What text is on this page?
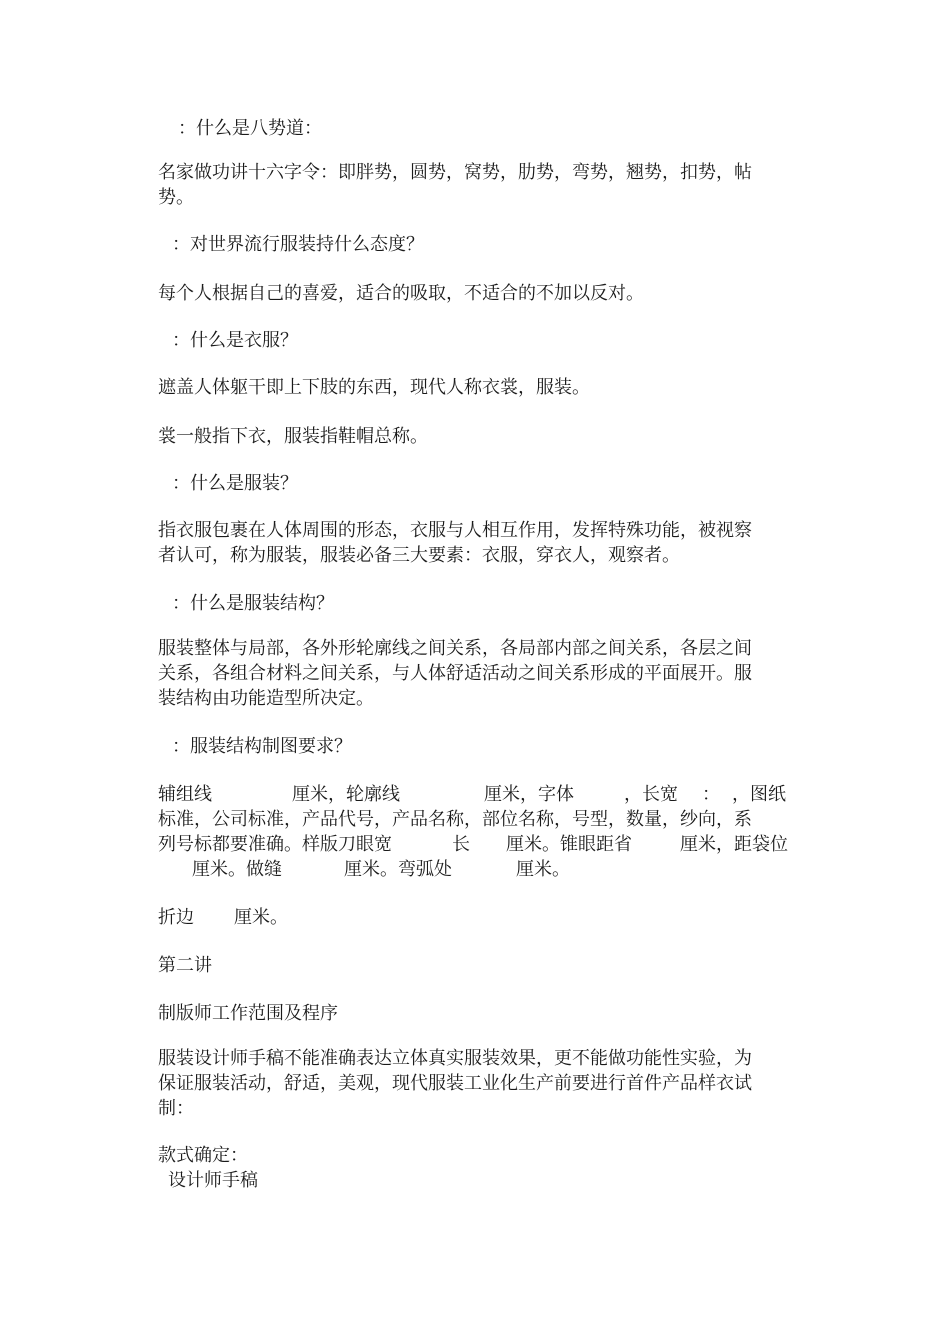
：什么是八势道：
名家做功讲十六字令：即胖势，圆势，窝势，肋势，弯势，翘势，扣势，帖
势。
：对世界流行服装持什么态度？
每个人根据自己的喜爱，适合的吸取，不适合的不加以反对。
：什么是衣服？
遮盖人体躯干即上下肢的东西，现代人称衣裳，服装。
裳一般指下衣，服装指鞋帽总称。
：什么是服装？
指衣服包裹在人体周围的形态，衣服与人相互作用，发挥特殊功能，被视察
者认可，称为服装，服装必备三大要素：衣服，穿衣人，观察者。
：什么是服装结构？
服装整体与局部，各外形轮廓线之间关系，各局部内部之间关系，各层之间
关系，各组合材料之间关系，与人体舒适活动之间关系形成的平面展开。服
装结构由功能造型所决定。
：服装结构制图要求？
辅组线	厘米，轮廓线	厘米，字体	，长宽 ： ，图纸
标准，公司标准，产品代号，产品名称，部位名称，号型，数量，纱向，系
列号标都要准确。样版刀眼宽	长 厘米。锥眼距省	厘米，距袋位
厘米。做缝	厘米。弯弧处	厘米。
折边 厘米。
第二讲
制版师工作范围及程序
服装设计师手稿不能准确表达立体真实服装效果，更不能做功能性实验，为
保证服装活动，舒适，美观，现代服装工业化生产前要进行首件产品样衣试
制：
款式确定：
设计师手稿
